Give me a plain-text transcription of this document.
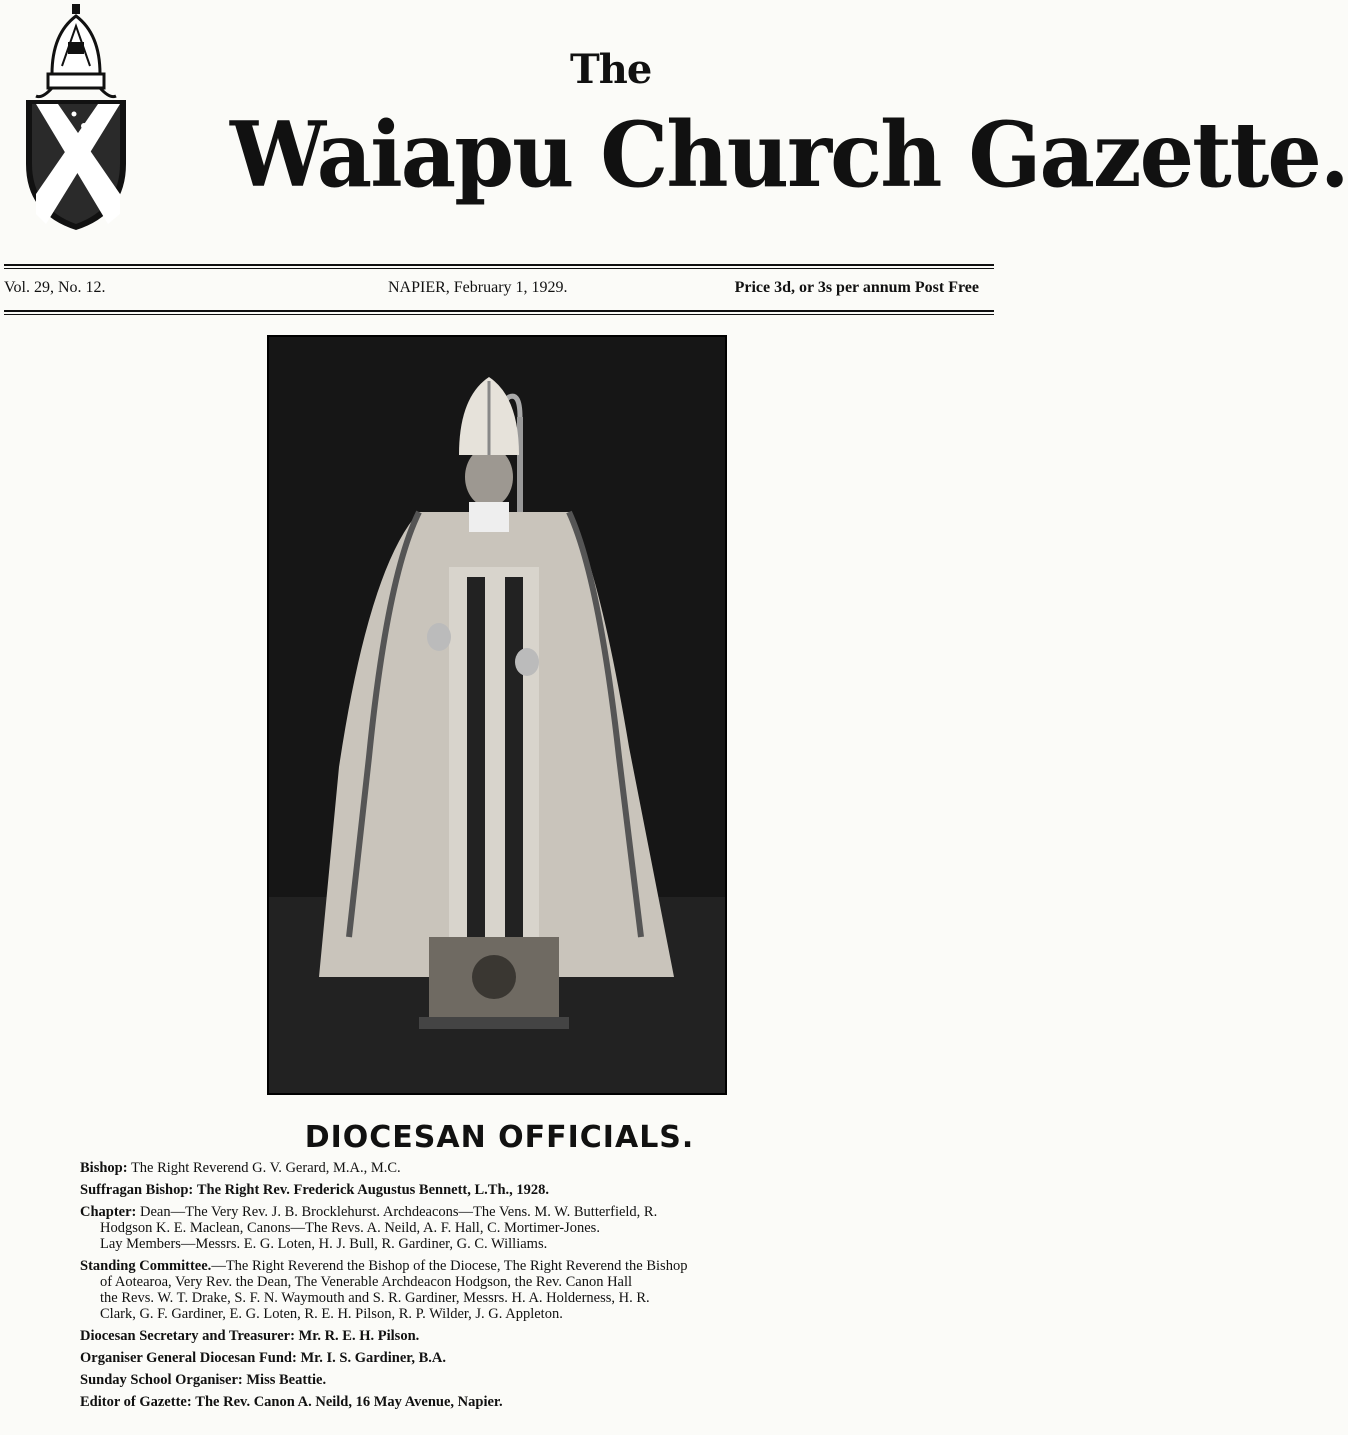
The
Waiapu Church Gazette.
Vol. 29, No. 12.	NAPIER, February 1, 1929.	Price 3d, or 3s per annum Post Free
DIOCESAN OFFICIALS.
Bishop: The Right Reverend G. V. Gerard, M.A., M.C.
Suffragan Bishop: The Right Rev. Frederick Augustus Bennett, L.Th., 1928.
Chapter: Dean—The Very Rev. J. B. Brocklehurst. Archdeacons—The Vens. M. W. Butterfield, R.
Hodgson K. E. Maclean, Canons—The Revs. A. Neild, A. F. Hall, C. Mortimer-Jones.
Lay Members—Messrs. E. G. Loten, H. J. Bull, R. Gardiner, G. C. Williams.
Standing Committee.—The Right Reverend the Bishop of the Diocese, The Right Reverend the Bishop
of Aotearoa, Very Rev. the Dean, The Venerable Archdeacon Hodgson, the Rev. Canon Hall
the Revs. W. T. Drake, S. F. N. Waymouth and S. R. Gardiner, Messrs. H. A. Holderness, H. R.
Clark, G. F. Gardiner, E. G. Loten, R. E. H. Pilson, R. P. Wilder, J. G. Appleton.
Diocesan Secretary and Treasurer: Mr. R. E. H. Pilson.
Organiser General Diocesan Fund: Mr. I. S. Gardiner, B.A.
Sunday School Organiser: Miss Beattie.
Editor of Gazette: The Rev. Canon A. Neild, 16 May Avenue, Napier.
